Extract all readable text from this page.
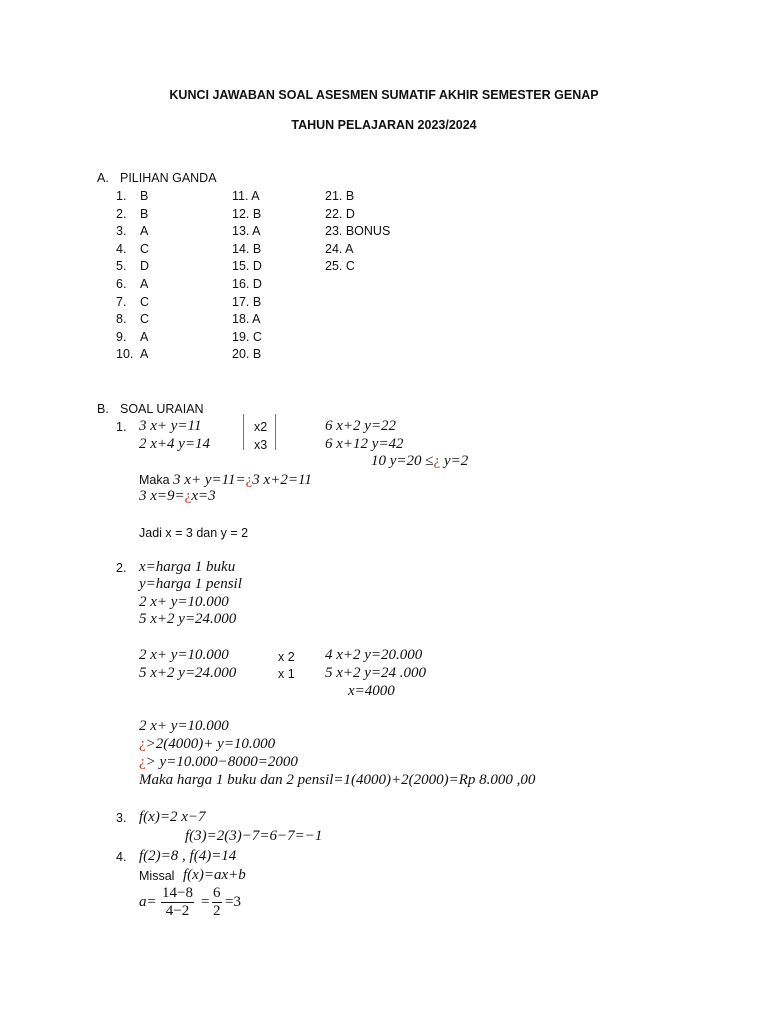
KUNCI JAWABAN SOAL ASESMEN SUMATIF AKHIR SEMESTER GENAP
TAHUN PELAJARAN 2023/2024
A. PILIHAN GANDA
B. SOAL URAIAN
1. 3 x+ y=11
2 x+4 y=14
x2
x3
6 x+2 y=22
6 x+12 y=42
10 y=20 ≤¿ y=2
Maka 3 x+ y=11=¿3 x+2=11
3 x=9=¿x=3
Jadi x = 3 dan y = 2
2. x=harga 1 buku
y=harga 1 pensil
2 x+ y=10.000
5 x+2 y=24.000
2 x+ y=10.000
5 x+2 y=24.000
x 2
x 1
4 x+2 y=20.000
5 x+2 y=24 .000
x=4000
2 x+ y=10.000
¿>2(4000)+ y=10.000
¿> y=10.000−8000=2000
Maka harga 1 buku dan 2 pensil=1(4000)+2(2000)=Rp 8.000 ,00
3. f(x)=2 x−7
f(3)=2(3)−7=6−7=−1
4. f(2)=8 , f(4)=14
Missal f(x)=ax+b
$a= \frac{14-8}{4-2} = \frac{6}{2} =3$
1. B
2. B
3. A
4. C
5. D
6. A
7. C
8. C
9. A
10. A
11. A
12. B
13. A
14. B
15. D
16. D
17. B
18. A
19. C
20. B
21. B
22. D
23. BONUS
24. A
25. C
